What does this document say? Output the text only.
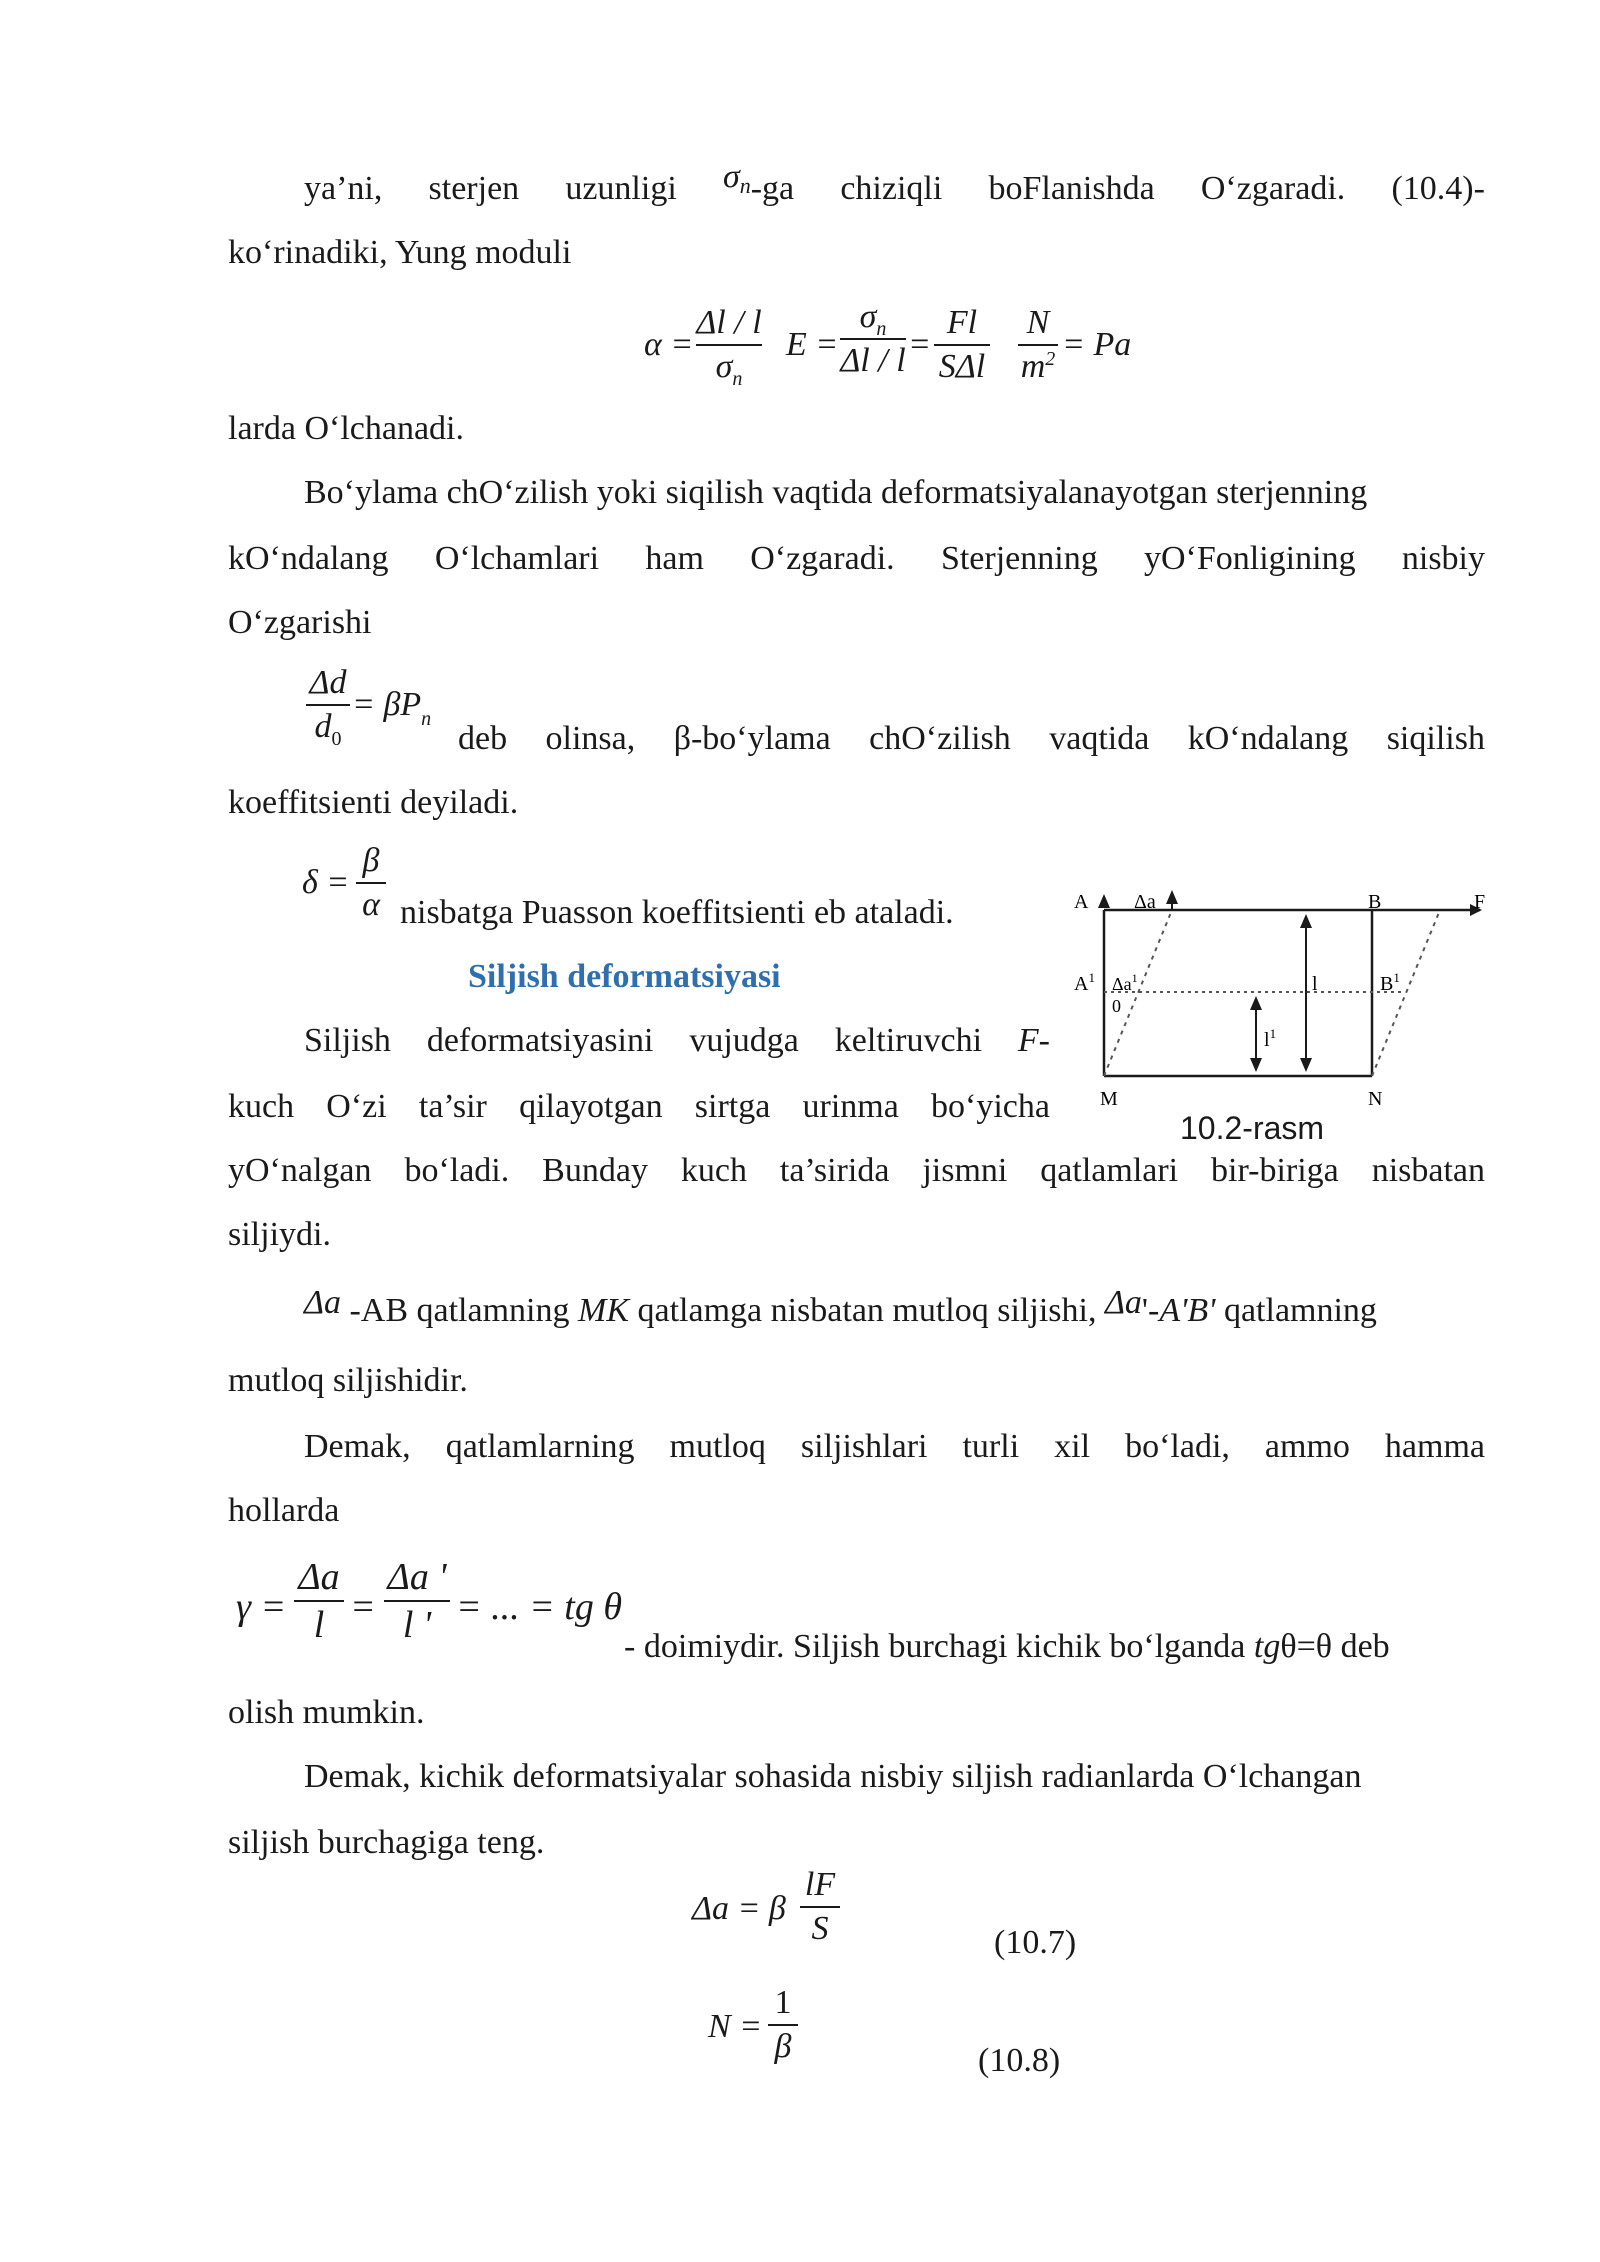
ya’ni, sterjen uzunligi σn-ga chiziqli boFlanishda O‘zgaradi. (10.4)-
ko‘rinadiki, Yung moduli
α =
Δl / l
$\sigma_n$
E =
$\sigma_n$
Δl / l =
Fl
SΔl
N
$m^2 = Pa$
larda O‘lchanadi.
Bo‘ylama chO‘zilish yoki siqilish vaqtida deformatsiyalanayotgan sterjenning
kO‘ndalang O‘lchamlari ham O‘zgaradi. Sterjenning yO‘Fonligining nisbiy
O‘zgarishi
Δd
$d_0$
= $\beta P_n$
deb olinsa, β-bo‘ylama chO‘zilish vaqtida kO‘ndalang siqilish
koeffitsienti deyiladi.
δ =
β
α nisbatga Puasson koeffitsienti eb ataladi.
Siljish deformatsiyasi
Siljish deformatsiyasini vujudga keltiruvchi F-
kuch O‘zi ta’sir qilayotgan sirtga urinma bo‘yicha
yO‘nalgan bo‘ladi. Bunday kuch ta’sirida jismni qatlamlari bir-biriga nisbatan
siljiydi.
A Δa	B	F
$A^1$ $\Delta a^1$
0
l	$B^1$
$l^1$
M	N
10.2-rasm
Δa -AB qatlamning MK qatlamga nisbatan mutloq siljishi, Δa'-A'B' qatlamning
mutloq siljishidir.
Demak, qatlamlarning mutloq siljishlari turli xil bo‘ladi, ammo hamma
hollarda
γ =
Δa
l =
Δa '
l ' = ... = tg θ
- doimiydir. Siljish burchagi kichik bo‘lganda tgθ=θ deb
olish mumkin.
Demak, kichik deformatsiyalar sohasida nisbiy siljish radianlarda O‘lchangan
siljish burchagiga teng.
Δa = β
lF
S	(10.7)
N =
1
β	(10.8)
